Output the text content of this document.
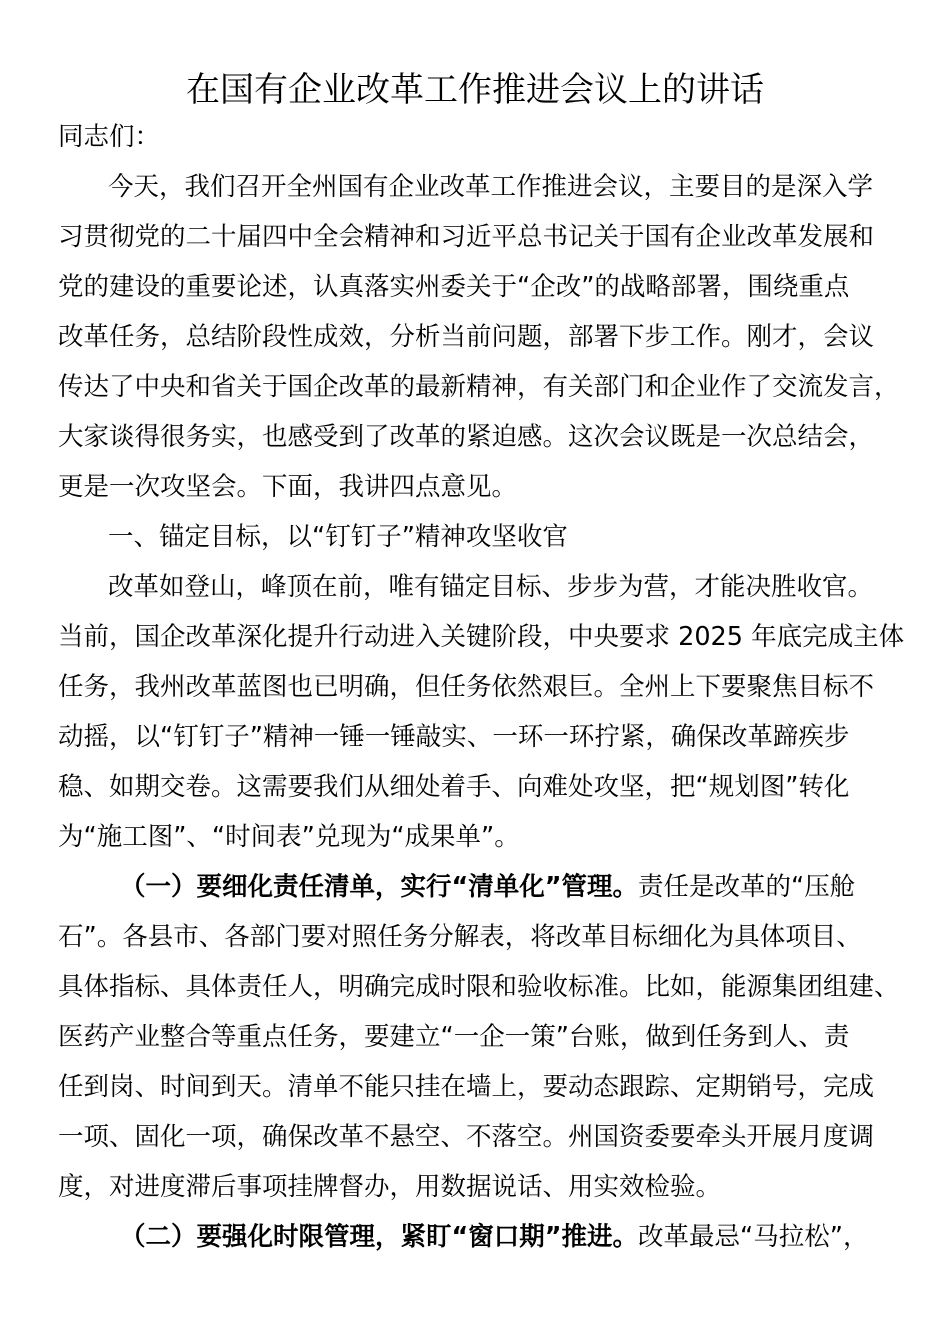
在国有企业改革工作推进会议上的讲话
同志们：
今天，我们召开全州国有企业改革工作推进会议，主要目的是深入学
习贯彻党的二十届四中全会精神和习近平总书记关于国有企业改革发展和
党的建设的重要论述，认真落实州委关于“企改”的战略部署，围绕重点
改革任务，总结阶段性成效，分析当前问题，部署下步工作。刚才，会议
传达了中央和省关于国企改革的最新精神，有关部门和企业作了交流发言，
大家谈得很务实，也感受到了改革的紧迫感。这次会议既是一次总结会，
更是一次攻坚会。下面，我讲四点意见。
一、锚定目标，以“钉钉子”精神攻坚收官
改革如登山，峰顶在前，唯有锚定目标、步步为营，才能决胜收官。
当前，国企改革深化提升行动进入关键阶段，中央要求 2025 年底完成主体
任务，我州改革蓝图也已明确，但任务依然艰巨。全州上下要聚焦目标不
动摇，以“钉钉子”精神一锤一锤敲实、一环一环拧紧，确保改革蹄疾步
稳、如期交卷。这需要我们从细处着手、向难处攻坚，把“规划图”转化
为“施工图”、“时间表”兑现为“成果单”。
（一）要细化责任清单，实行“清单化”管理。责任是改革的“压舱
石”。各县市、各部门要对照任务分解表，将改革目标细化为具体项目、
具体指标、具体责任人，明确完成时限和验收标准。比如，能源集团组建、
医药产业整合等重点任务，要建立“一企一策”台账，做到任务到人、责
任到岗、时间到天。清单不能只挂在墙上，要动态跟踪、定期销号，完成
一项、固化一项，确保改革不悬空、不落空。州国资委要牵头开展月度调
度，对进度滞后事项挂牌督办，用数据说话、用实效检验。
（二）要强化时限管理，紧盯“窗口期”推进。改革最忌“马拉松”，
